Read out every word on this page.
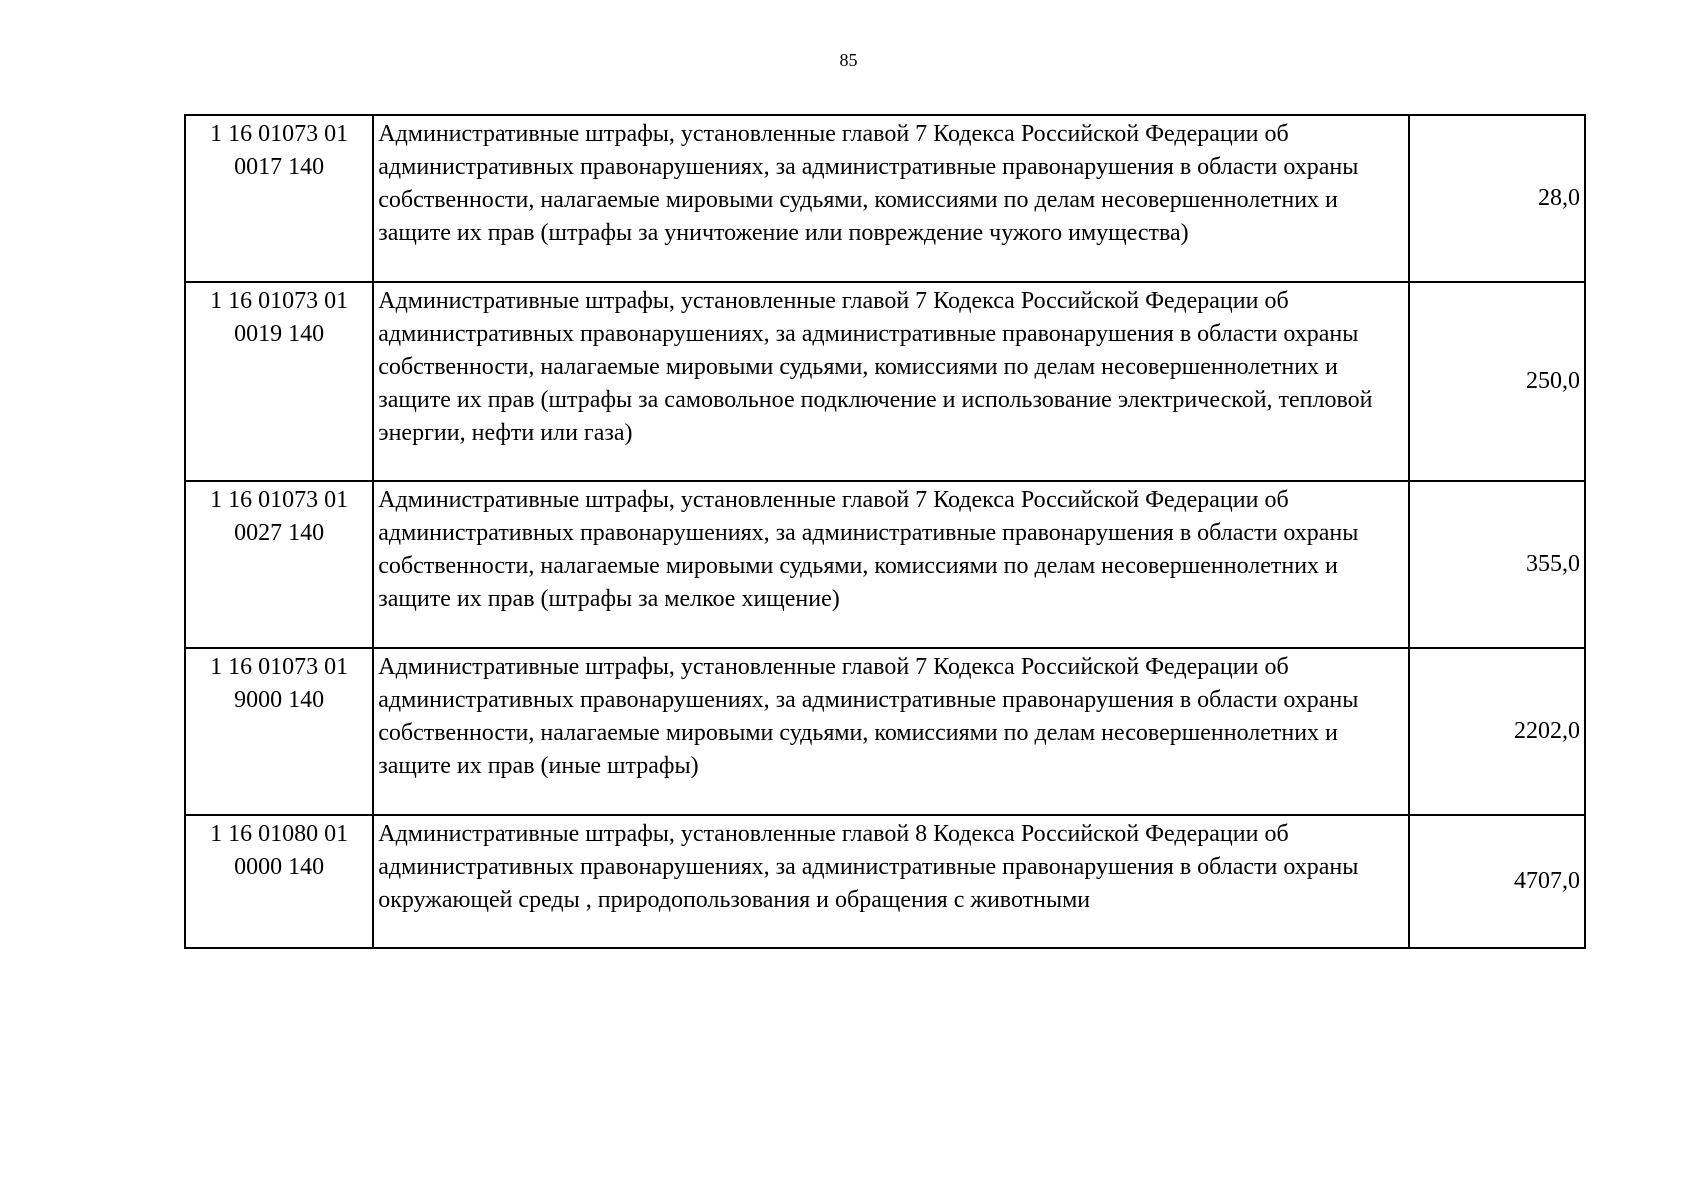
85
1 16 01073 01
0017 140	Административные штрафы, установленные главой 7 Кодекса Российской Федерации об административных правонарушениях, за административные правонарушения в области охраны собственности, налагаемые мировыми судьями, комиссиями по делам несовершеннолетних и защите их прав (штрафы за уничтожение или повреждение чужого имущества)	28,0

1 16 01073 01
0019 140	Административные штрафы, установленные главой 7 Кодекса Российской Федерации об административных правонарушениях, за административные правонарушения в области охраны собственности, налагаемые мировыми судьями, комиссиями по делам несовершеннолетних и защите их прав (штрафы за самовольное подключение и использование электрической, тепловой энергии, нефти или газа)	250,0

1 16 01073 01
0027 140	Административные штрафы, установленные главой 7 Кодекса Российской Федерации об административных правонарушениях, за административные правонарушения в области охраны собственности, налагаемые мировыми судьями, комиссиями по делам несовершеннолетних и защите их прав (штрафы за мелкое хищение)	355,0

1 16 01073 01
9000 140	Административные штрафы, установленные главой 7 Кодекса Российской Федерации об административных правонарушениях, за административные правонарушения в области охраны собственности, налагаемые мировыми судьями, комиссиями по делам несовершеннолетних и защите их прав (иные штрафы)	2202,0

1 16 01080 01
0000 140	Административные штрафы, установленные главой 8 Кодекса Российской Федерации об административных правонарушениях, за административные правонарушения в области охраны окружающей среды , природопользования и обращения с животными	4707,0
